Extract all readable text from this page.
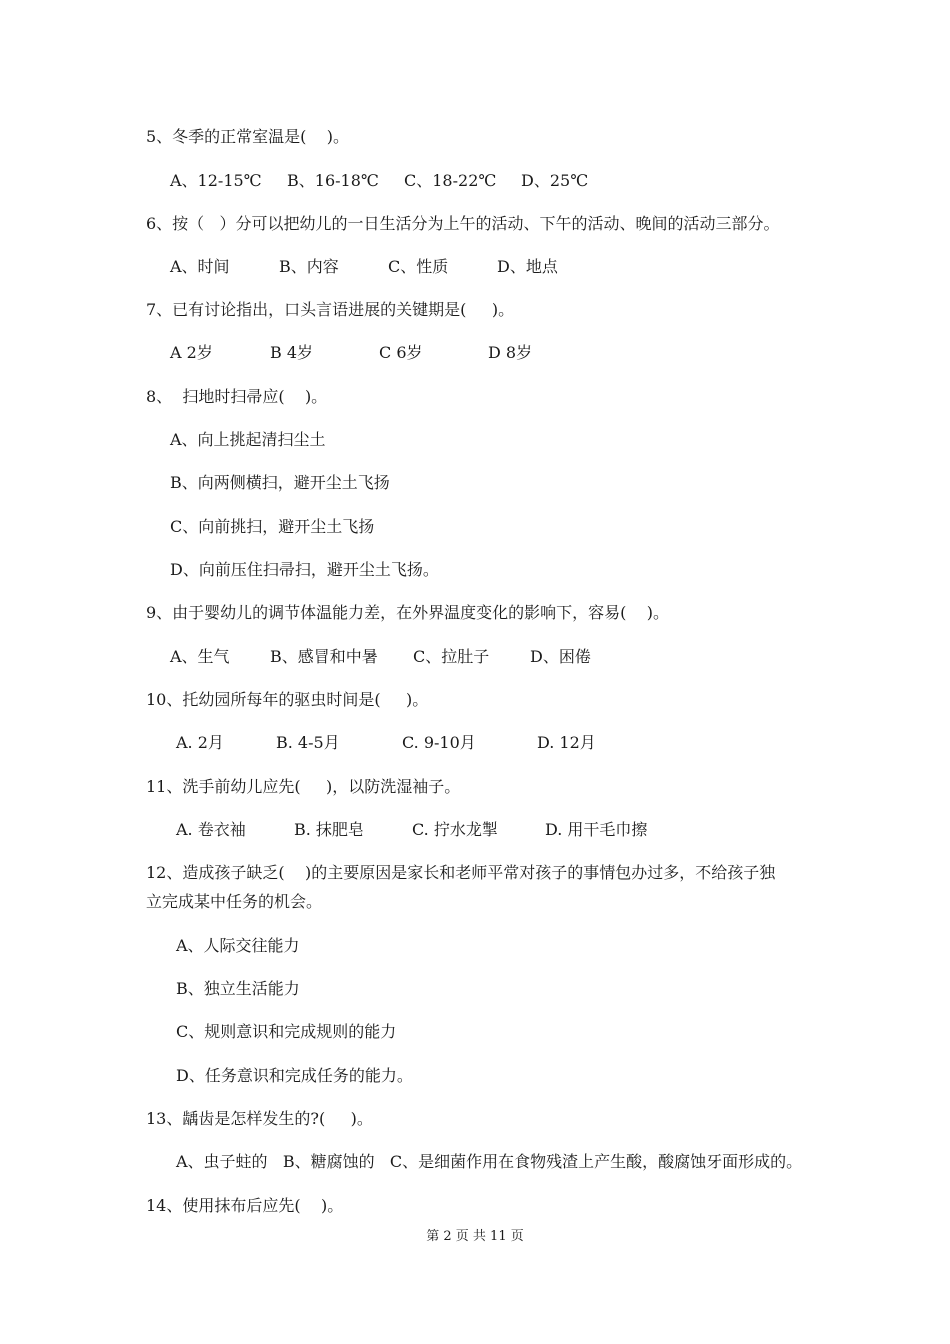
5、冬季的正常室温是(    )。

A、12-15℃

B、16-18℃

C、18-22℃

D、25℃

6、按（   ）分可以把幼儿的一日生活分为上午的活动、下午的活动、晚间的活动三部分。

A、时间

	B、内容

	C、性质

	D、地点

7、已有讨论指出，口头言语进展的关键期是(     )。

A 2岁

	B 4岁

	C 6岁

	D 8岁

8、  扫地时扫帚应(    )。
A、向上挑起清扫尘土
B、向两侧横扫，避开尘土飞扬
C、向前挑扫，避开尘土飞扬
D、向前压住扫帚扫，避开尘土飞扬。
9、由于婴幼儿的调节体温能力差，在外界温度变化的影响下，容易(    )。

A、生气

	B、感冒和中暑

C、拉肚子

	D、困倦

10、托幼园所每年的驱虫时间是(     )。

A. 2月

	B. 4-5月

	C. 9-10月

	D. 12月

11、洗手前幼儿应先(     )，以防洗湿袖子。

A. 卷衣袖

	B. 抹肥皂

	C. 拧水龙掣

	D. 用干毛巾擦

12、造成孩子缺乏(    )的主要原因是家长和老师平常对孩子的事情包办过多，不给孩子独
立完成某中任务的机会。
A、人际交往能力
B、独立生活能力
C、规则意识和完成规则的能力
D、任务意识和完成任务的能力。
13、龋齿是怎样发生的?(     )。
A、虫子蛀的   B、糖腐蚀的   C、是细菌作用在食物残渣上产生酸，酸腐蚀牙面形成的。
14、使用抹布后应先(    )。
第 2 页 共 11 页
